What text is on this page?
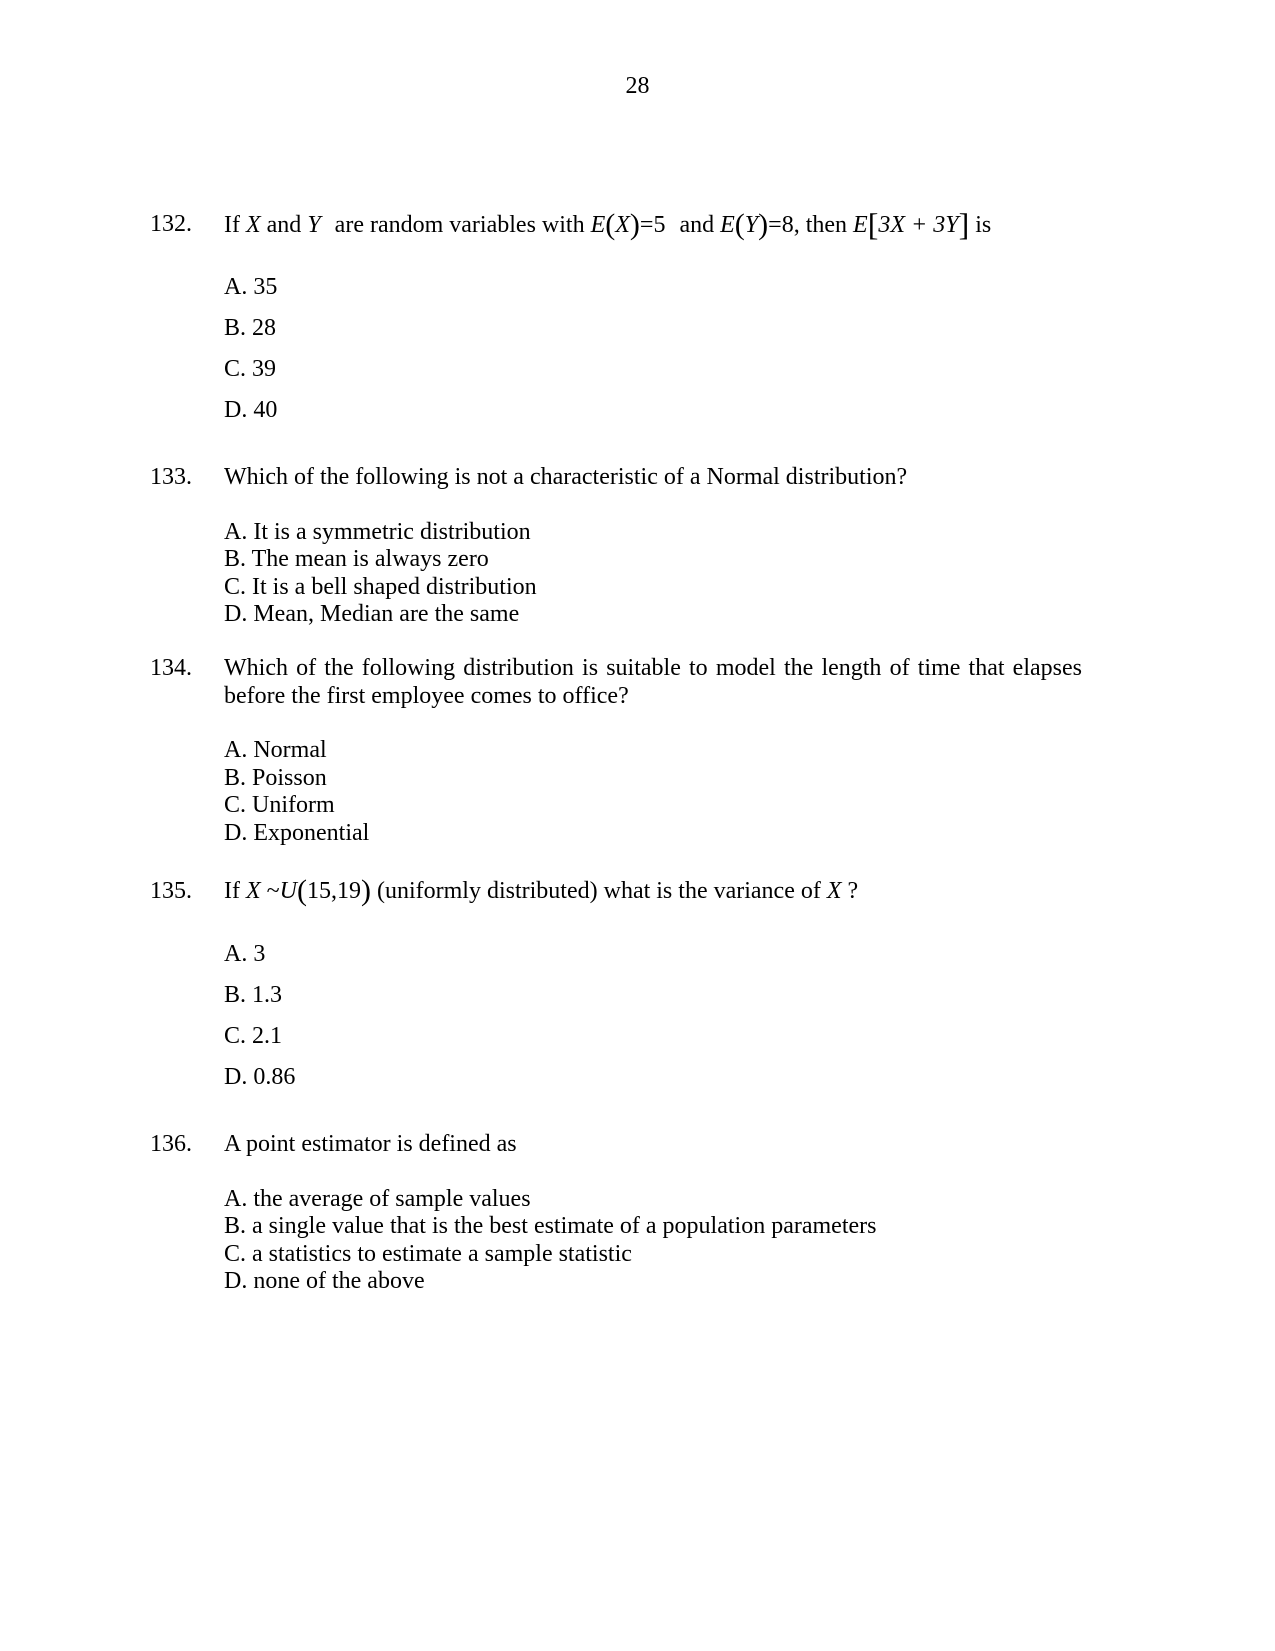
28
132. If X and Y are random variables with E(X)=5 and E(Y)=8, then E[3X + 3Y] is
A. 35
B. 28
C. 39
D. 40
133. Which of the following is not a characteristic of a Normal distribution?
A. It is a symmetric distribution
B. The mean is always zero
C. It is a bell shaped distribution
D. Mean, Median are the same
134. Which of the following distribution is suitable to model the length of time that elapses
before the first employee comes to office?
A. Normal
B. Poisson
C. Uniform
D. Exponential
135. If X ~U(15,19) (uniformly distributed) what is the variance of X ?
A. 3
B. 1.3
C. 2.1
D. 0.86
136. A point estimator is defined as
A. the average of sample values
B. a single value that is the best estimate of a population parameters
C. a statistics to estimate a sample statistic
D. none of the above
